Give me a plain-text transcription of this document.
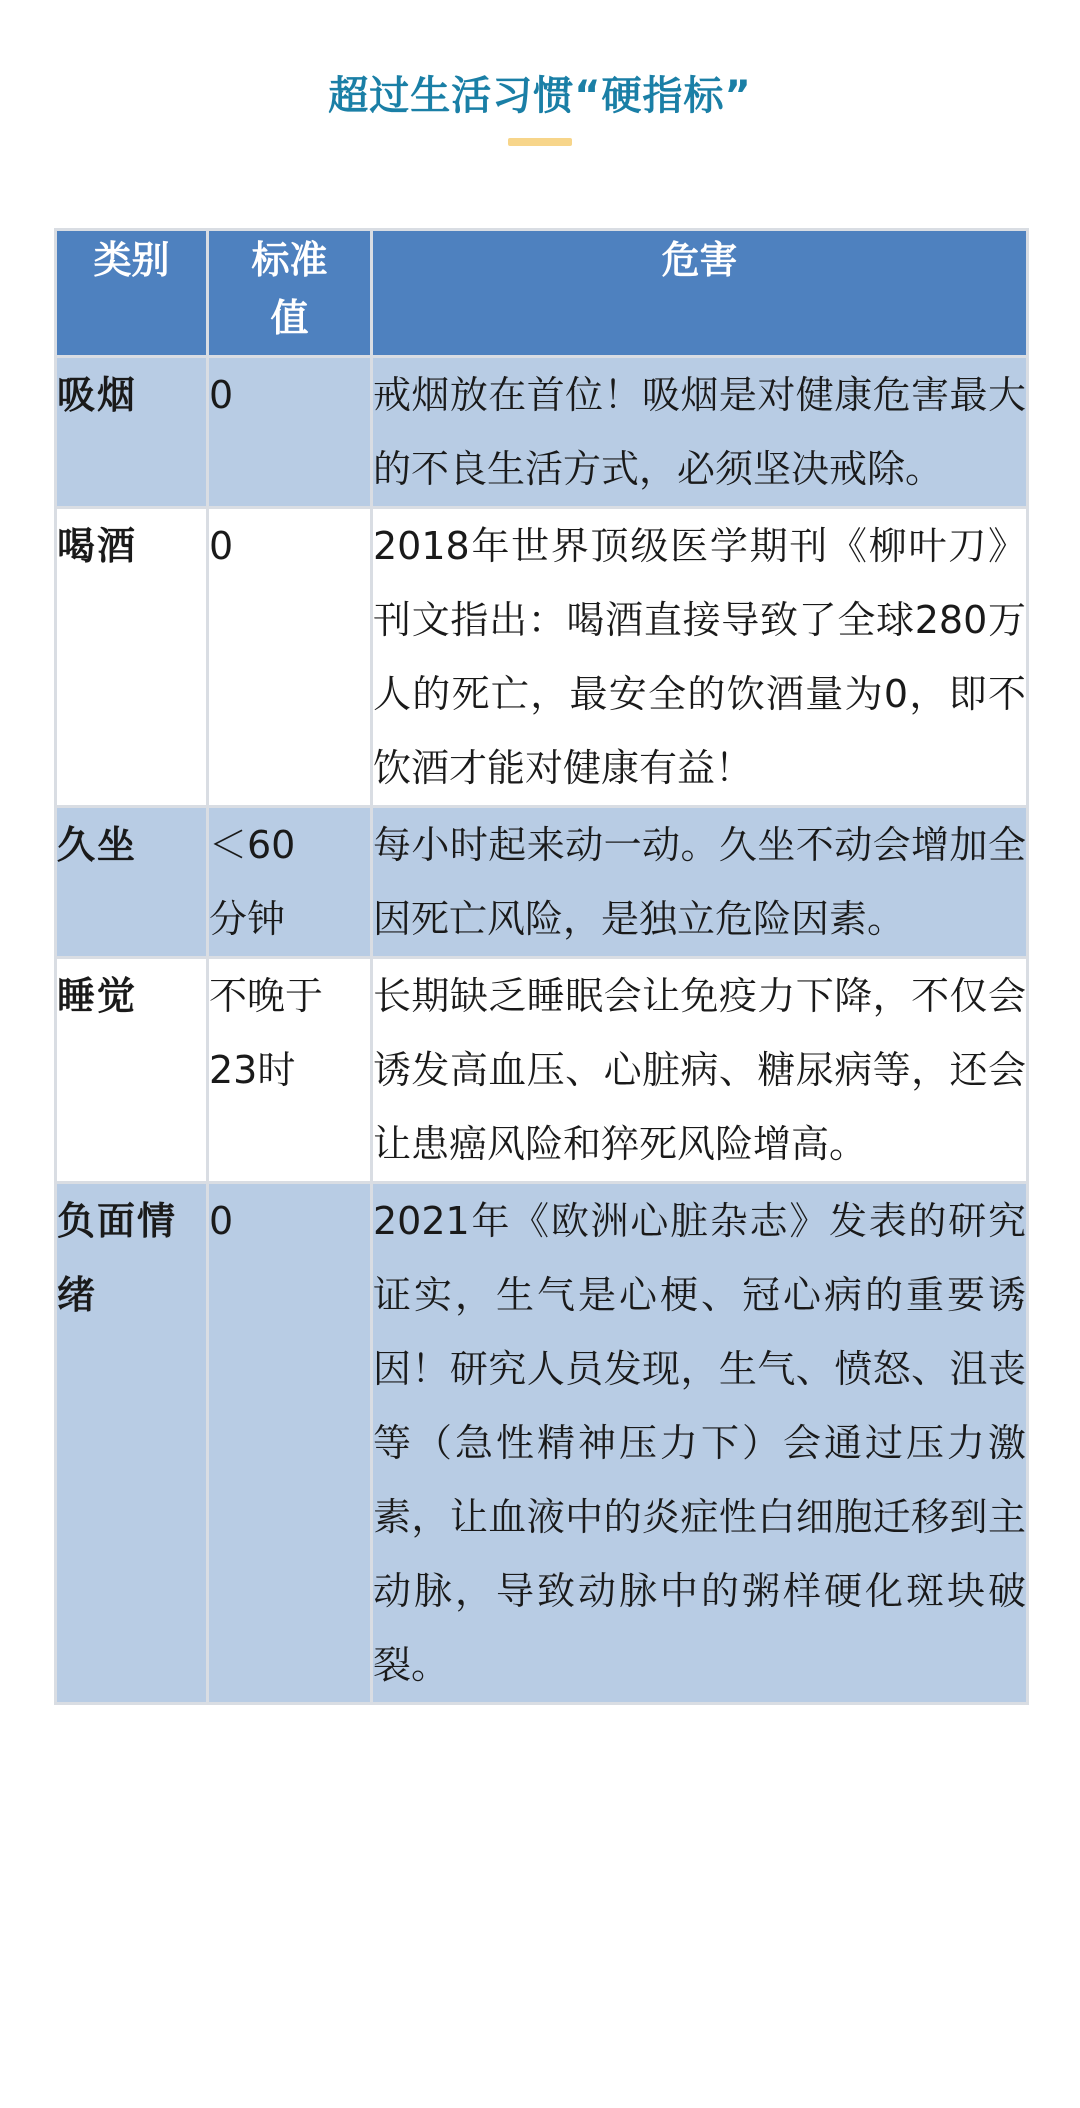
超过生活习惯“硬指标”
类别	标准值	危害
吸烟	0	戒烟放在首位！吸烟是对健康危害最大的不良生活方式，必须坚决戒除。
喝酒	0	2018年世界顶级医学期刊《柳叶刀》刊文指出：喝酒直接导致了全球280万人的死亡，最安全的饮酒量为0，即不饮酒才能对健康有益！
久坐	＜60分钟	每小时起来动一动。久坐不动会增加全因死亡风险，是独立危险因素。
睡觉	不晚于23时	长期缺乏睡眠会让免疫力下降，不仅会诱发高血压、心脏病、糖尿病等，还会让患癌风险和猝死风险增高。
负面情绪	0	2021年《欧洲心脏杂志》发表的研究证实，生气是心梗、冠心病的重要诱因！研究人员发现，生气、愤怒、沮丧等（急性精神压力下）会通过压力激素，让血液中的炎症性白细胞迁移到主动脉，导致动脉中的粥样硬化斑块破裂。
